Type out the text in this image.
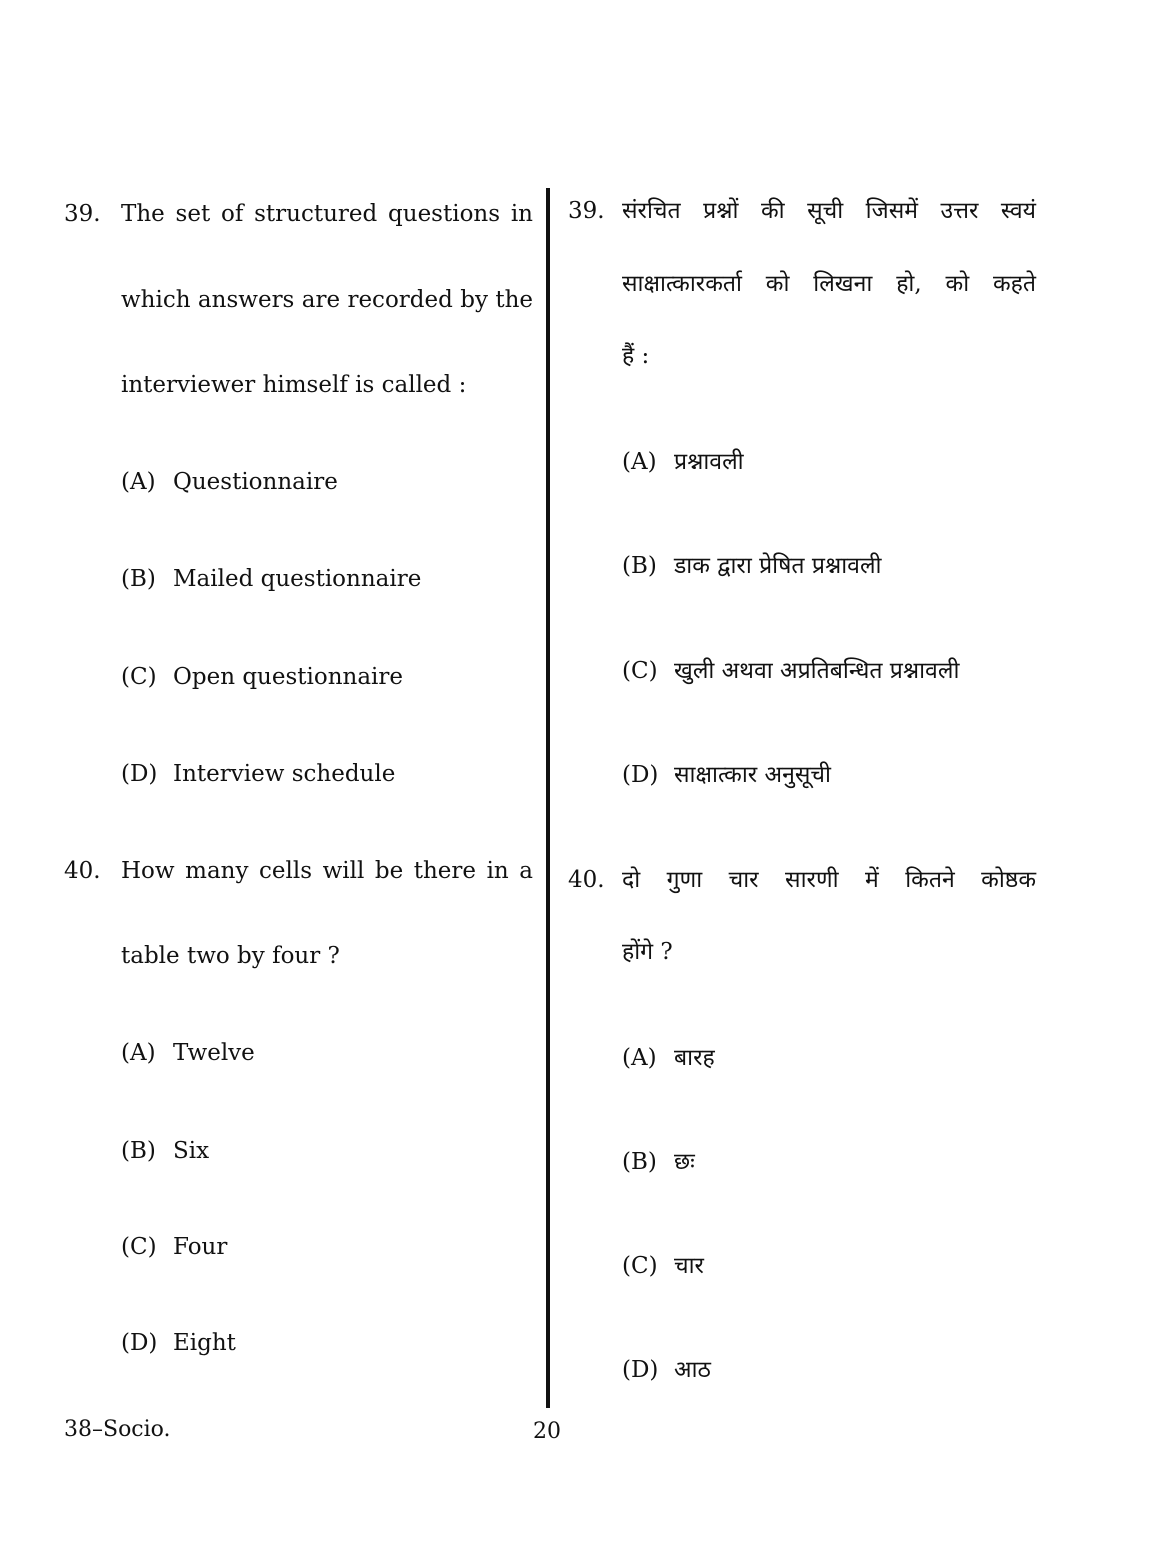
39. The set of structured questions in
which answers are recorded by the
interviewer himself is called :
(A) Questionnaire
(B) Mailed questionnaire
(C) Open questionnaire
(D) Interview schedule
40. How many cells will be there in a
table two by four ?
(A) Twelve
(B) Six
(C) Four
(D) Eight
39. संरचित प्रश्नों की सूची जिसमें उत्तर स्वयं
साक्षात्कारकर्ता को लिखना हो, को कहते
हैं :
(A) प्रश्नावली
(B) डाक द्वारा प्रेषित प्रश्नावली
(C) खुली अथवा अप्रतिबन्धित प्रश्नावली
(D) साक्षात्कार अनुसूची
40. दो गुणा चार सारणी में कितने कोष्ठक
होंगे ?
(A) बारह
(B) छः
(C) चार
(D) आठ
38–Socio.	20
